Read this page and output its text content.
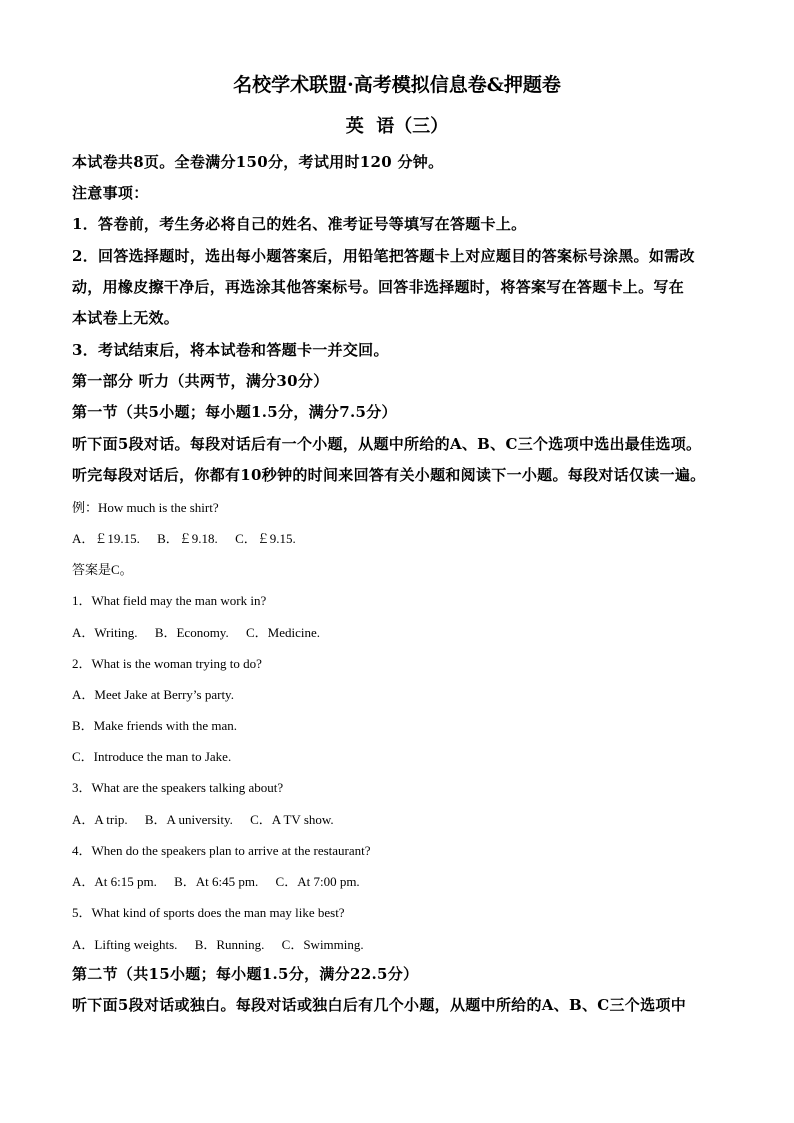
名校学术联盟·高考模拟信息卷&押题卷
英  语（三）
本试卷共8页。全卷满分150分，考试用时120 分钟。
注意事项：
1．答卷前，考生务必将自己的姓名、准考证号等填写在答题卡上。
2．回答选择题时，选出每小题答案后，用铅笔把答题卡上对应题目的答案标号涂黑。如需改
动，用橡皮擦干净后，再选涂其他答案标号。回答非选择题时，将答案写在答题卡上。写在
本试卷上无效。
3．考试结束后，将本试卷和答题卡一并交回。
第一部分 听力（共两节，满分30分）
第一节（共5小题；每小题1.5分，满分7.5分）
听下面5段对话。每段对话后有一个小题，从题中所给的A、B、C三个选项中选出最佳选项。
听完每段对话后，你都有10秒钟的时间来回答有关小题和阅读下一小题。每段对话仅读一遍。
例：How much is the shirt?
A．￡19.15. B．￡9.18. C．￡9.15.
答案是C。
1．What field may the man work in?
A．Writing. B．Economy. C．Medicine.
2．What is the woman trying to do?
A．Meet Jake at Berry’s party.
B．Make friends with the man.
C．Introduce the man to Jake.
3．What are the speakers talking about?
A．A trip. B．A university. C．A TV show.
4．When do the speakers plan to arrive at the restaurant?
A．At 6:15 pm. B．At 6:45 pm. C．At 7:00 pm.
5．What kind of sports does the man may like best?
A．Lifting weights. B．Running. C．Swimming.
第二节（共15小题；每小题1.5分，满分22.5分）
听下面5段对话或独白。每段对话或独白后有几个小题，从题中所给的A、B、C三个选项中
